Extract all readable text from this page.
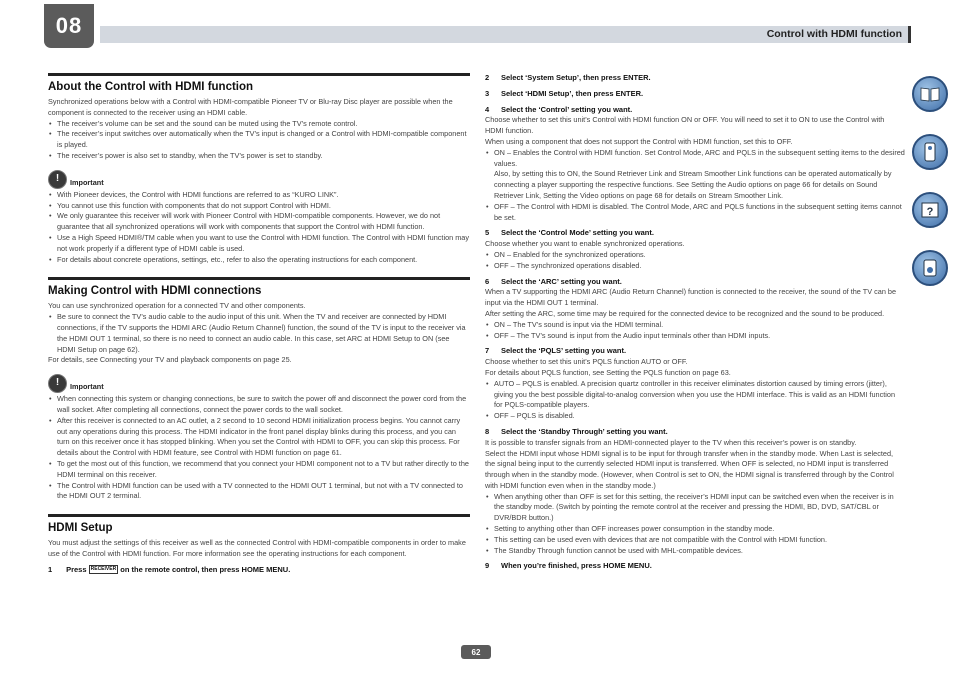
08	Control with HDMI function
About the Control with HDMI function

Synchronized operations below with a Control with HDMI-compatible Pioneer TV or Blu-ray Disc player are possible when the component is connected to the receiver using an HDMI cable.

• The receiver’s volume can be set and the sound can be muted using the TV’s remote control.
• The receiver’s input switches over automatically when the TV’s input is changed or a Control with HDMI-compatible component is played.
• The receiver’s power is also set to standby, when the TV’s power is set to standby.
!	Important
• With Pioneer devices, the Control with HDMI functions are referred to as “KURO LINK”.
• You cannot use this function with components that do not support Control with HDMI.
• We only guarantee this receiver will work with Pioneer Control with HDMI-compatible components. However, we do not guarantee that all synchronized operations will work with components that support the Control with HDMI function.
• Use a High Speed HDMI®/TM cable when you want to use the Control with HDMI function. The Control with HDMI function may not work properly if a different type of HDMI cable is used.
• For details about concrete operations, settings, etc., refer to also the operating instructions for each component.
Making Control with HDMI connections

You can use synchronized operation for a connected TV and other components.

• Be sure to connect the TV’s audio cable to the audio input of this unit. When the TV and receiver are connected by HDMI connections, if the TV supports the HDMI ARC (Audio Return Channel) function, the sound of the TV is input to the receiver via the HDMI OUT 1 terminal, so there is no need to connect an audio cable. In this case, set ARC at HDMI Setup to ON (see HDMI Setup on page 62).

For details, see Connecting your TV and playback components on page 25.

!	Important
• When connecting this system or changing connections, be sure to switch the power off and disconnect the power cord from the wall socket. After completing all connections, connect the power cords to the wall socket.
• After this receiver is connected to an AC outlet, a 2 second to 10 second HDMI initialization process begins. You cannot carry out any operations during this process. The HDMI indicator in the front panel display blinks during this process, and you can turn on this receiver once it has stopped blinking. When you set the Control with HDMI to OFF, you can skip this process. For details about the Control with HDMI feature, see Control with HDMI function on page 61.
• To get the most out of this function, we recommend that you connect your HDMI component not to a TV but rather directly to the HDMI terminal on this receiver.
• The Control with HDMI function can be used with a TV connected to the HDMI OUT 1 terminal, but not with a TV connected to the HDMI OUT 2 terminal.
HDMI Setup

You must adjust the settings of this receiver as well as the connected Control with HDMI-compatible components in order to make use of the Control with HDMI function. For more information see the operating instructions for each component.

1 Press RECEIVER on the remote control, then press HOME MENU.
2 Select ‘System Setup’, then press ENTER.
3 Select ‘HDMI Setup’, then press ENTER.
4 Select the ‘Control’ setting you want.

Choose whether to set this unit’s Control with HDMI function ON or OFF. You will need to set it to ON to use the Control with HDMI function.

When using a component that does not support the Control with HDMI function, set this to OFF.

• ON – Enables the Control with HDMI function. Set Control Mode, ARC and PQLS in the subsequent setting items to the desired values.
Also, by setting this to ON, the Sound Retriever Link and Stream Smoother Link functions can be operated automatically by connecting a player supporting the respective functions. See Setting the Audio options on page 66 for details on Sound Retriever Link, Setting the Video options on page 68 for details on Stream Smoother Link.
• OFF – The Control with HDMI is disabled. The Control Mode, ARC and PQLS functions in the subsequent setting items cannot be set.
5 Select the ‘Control Mode’ setting you want.

Choose whether you want to enable synchronized operations.

• ON – Enabled for the synchronized operations.
• OFF – The synchronized operations disabled.
6 Select the ‘ARC’ setting you want.

When a TV supporting the HDMI ARC (Audio Return Channel) function is connected to the receiver, the sound of the TV can be input via the HDMI OUT 1 terminal.

After setting the ARC, some time may be required for the connected device to be recognized and the sound to be produced.

• ON – The TV’s sound is input via the HDMI terminal.
• OFF – The TV’s sound is input from the Audio input terminals other than HDMI inputs.
7 Select the ‘PQLS’ setting you want.

Choose whether to set this unit’s PQLS function AUTO or OFF.

For details about PQLS function, see Setting the PQLS function on page 63.

• AUTO – PQLS is enabled. A precision quartz controller in this receiver eliminates distortion caused by timing errors (jitter), giving you the best possible digital-to-analog conversion when you use the HDMI interface. This is valid as an HDMI function for PQLS-compatible players.
• OFF – PQLS is disabled.
8 Select the ‘Standby Through’ setting you want.

It is possible to transfer signals from an HDMI-connected player to the TV when this receiver’s power is on standby.

Select the HDMI input whose HDMI signal is to be input for through transfer when in the standby mode. When Last is selected, the signal being input to the currently selected HDMI input is transferred. When OFF is selected, no HDMI input is transferred through when in the standby mode. (However, when Control is set to ON, the HDMI signal is transferred through by the Control with HDMI function even when in the standby mode.)

• When anything other than OFF is set for this setting, the receiver’s HDMI input can be switched even when the receiver is in the standby mode. (Switch by pointing the remote control at the receiver and pressing the HDMI, BD, DVD, SAT/CBL or DVR/BDR button.)
• Setting to anything other than OFF increases power consumption in the standby mode.
• This setting can be used even with devices that are not compatible with the Control with HDMI function.
• The Standby Through function cannot be used with MHL-compatible devices.
9 When you’re finished, press HOME MENU.
?
62
